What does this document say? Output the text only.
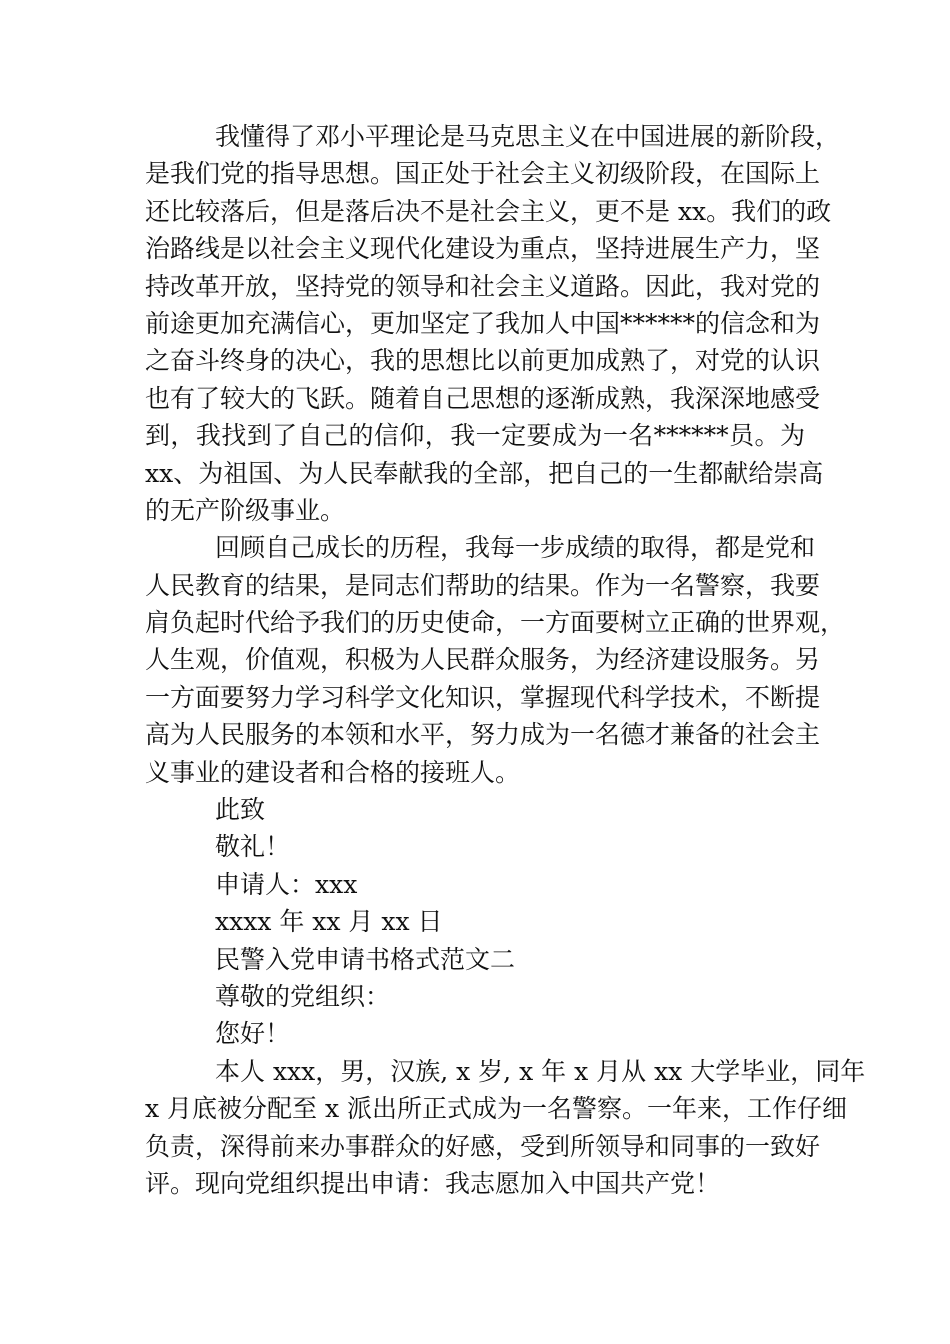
我懂得了邓小平理论是马克思主义在中国进展的新阶段，
是我们党的指导思想。国正处于社会主义初级阶段，在国际上
还比较落后，但是落后决不是社会主义，更不是 xx。我们的政
治路线是以社会主义现代化建设为重点，坚持进展生产力，坚
持改革开放，坚持党的领导和社会主义道路。因此，我对党的
前途更加充满信心，更加坚定了我加人中国******的信念和为
之奋斗终身的决心，我的思想比以前更加成熟了，对党的认识
也有了较大的飞跃。随着自己思想的逐渐成熟，我深深地感受
到，我找到了自己的信仰，我一定要成为一名******员。为
xx、为祖国、为人民奉献我的全部，把自己的一生都献给崇高
的无产阶级事业。
回顾自己成长的历程，我每一步成绩的取得，都是党和
人民教育的结果，是同志们帮助的结果。作为一名警察，我要
肩负起时代给予我们的历史使命，一方面要树立正确的世界观，
人生观，价值观，积极为人民群众服务，为经济建设服务。另
一方面要努力学习科学文化知识，掌握现代科学技术，不断提
高为人民服务的本领和水平，努力成为一名德才兼备的社会主
义事业的建设者和合格的接班人。
此致
敬礼！
申请人：xxx
xxxx 年 xx 月 xx 日
民警入党申请书格式范文二
尊敬的党组织：
您好！
本人 xxx，男，汉族, x 岁, x 年 x 月从 xx 大学毕业，同年
x 月底被分配至 x 派出所正式成为一名警察。一年来，工作仔细
负责，深得前来办事群众的好感，受到所领导和同事的一致好
评。现向党组织提出申请：我志愿加入中国共产党！
